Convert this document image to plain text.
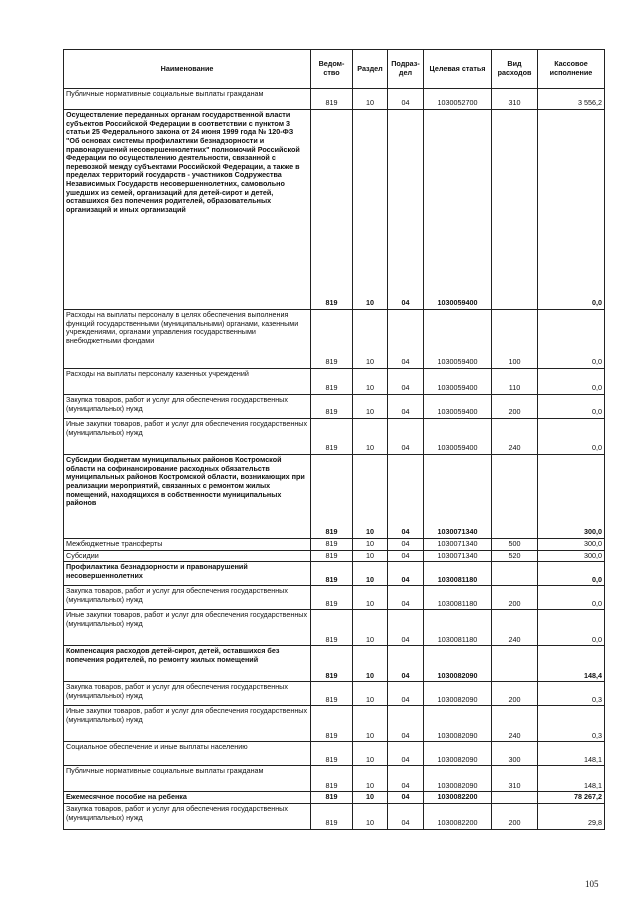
Наименование	Ведом-ство	Раздел	Подраз-дел	Целевая статья	Вид расходов	Кассовое исполнение
Публичные нормативные социальные выплаты гражданам	819	10	04	1030052700	310	3 556,2
Осуществление переданных органам государственной власти субъектов Российской Федерации в соответствии с пунктом 3 статьи 25 Федерального закона от 24 июня 1999 года № 120-ФЗ "Об основах системы профилактики безнадзорности и правонарушений несовершеннолетних" полномочий Российской Федерации по осуществлению деятельности, связанной с перевозкой между субъектами Российской Федерации, а также в пределах территорий государств - участников Содружества Независимых Государств несовершеннолетних, самовольно ушедших из семей, организаций для детей-сирот и детей, оставшихся без попечения родителей, образовательных организаций и иных организаций	819	10	04	1030059400		0,0
Расходы на выплаты персоналу в целях обеспечения выполнения функций государственными (муниципальными) органами, казенными учреждениями, органами управления государственными внебюджетными фондами	819	10	04	1030059400	100	0,0
Расходы на выплаты персоналу казенных учреждений	819	10	04	1030059400	110	0,0
Закупка товаров, работ и услуг для обеспечения государственных (муниципальных) нужд	819	10	04	1030059400	200	0,0
Иные закупки товаров, работ и услуг для обеспечения государственных (муниципальных) нужд	819	10	04	1030059400	240	0,0
Субсидии бюджетам муниципальных районов Костромской области на софинансирование расходных обязательств муниципальных районов Костромской области, возникающих при реализации мероприятий, связанных с ремонтом жилых помещений, находящихся в собственности муниципальных районов	819	10	04	1030071340		300,0
Межбюджетные трансферты	819	10	04	1030071340	500	300,0
Субсидии	819	10	04	1030071340	520	300,0
Профилактика безнадзорности и правонарушений несовершеннолетних	819	10	04	1030081180		0,0
Закупка товаров, работ и услуг для обеспечения государственных (муниципальных) нужд	819	10	04	1030081180	200	0,0
Иные закупки товаров, работ и услуг для обеспечения государственных (муниципальных) нужд	819	10	04	1030081180	240	0,0
Компенсация расходов детей-сирот, детей, оставшихся без попечения родителей, по ремонту жилых помещений	819	10	04	1030082090		148,4
Закупка товаров, работ и услуг для обеспечения государственных (муниципальных) нужд	819	10	04	1030082090	200	0,3
Иные закупки товаров, работ и услуг для обеспечения государственных (муниципальных) нужд	819	10	04	1030082090	240	0,3
Социальное обеспечение и иные выплаты населению	819	10	04	1030082090	300	148,1
Публичные нормативные социальные выплаты гражданам	819	10	04	1030082090	310	148,1
Ежемесячное пособие на ребенка	819	10	04	1030082200		78 267,2
Закупка товаров, работ и услуг для обеспечения государственных (муниципальных) нужд	819	10	04	1030082200	200	29,8
105
